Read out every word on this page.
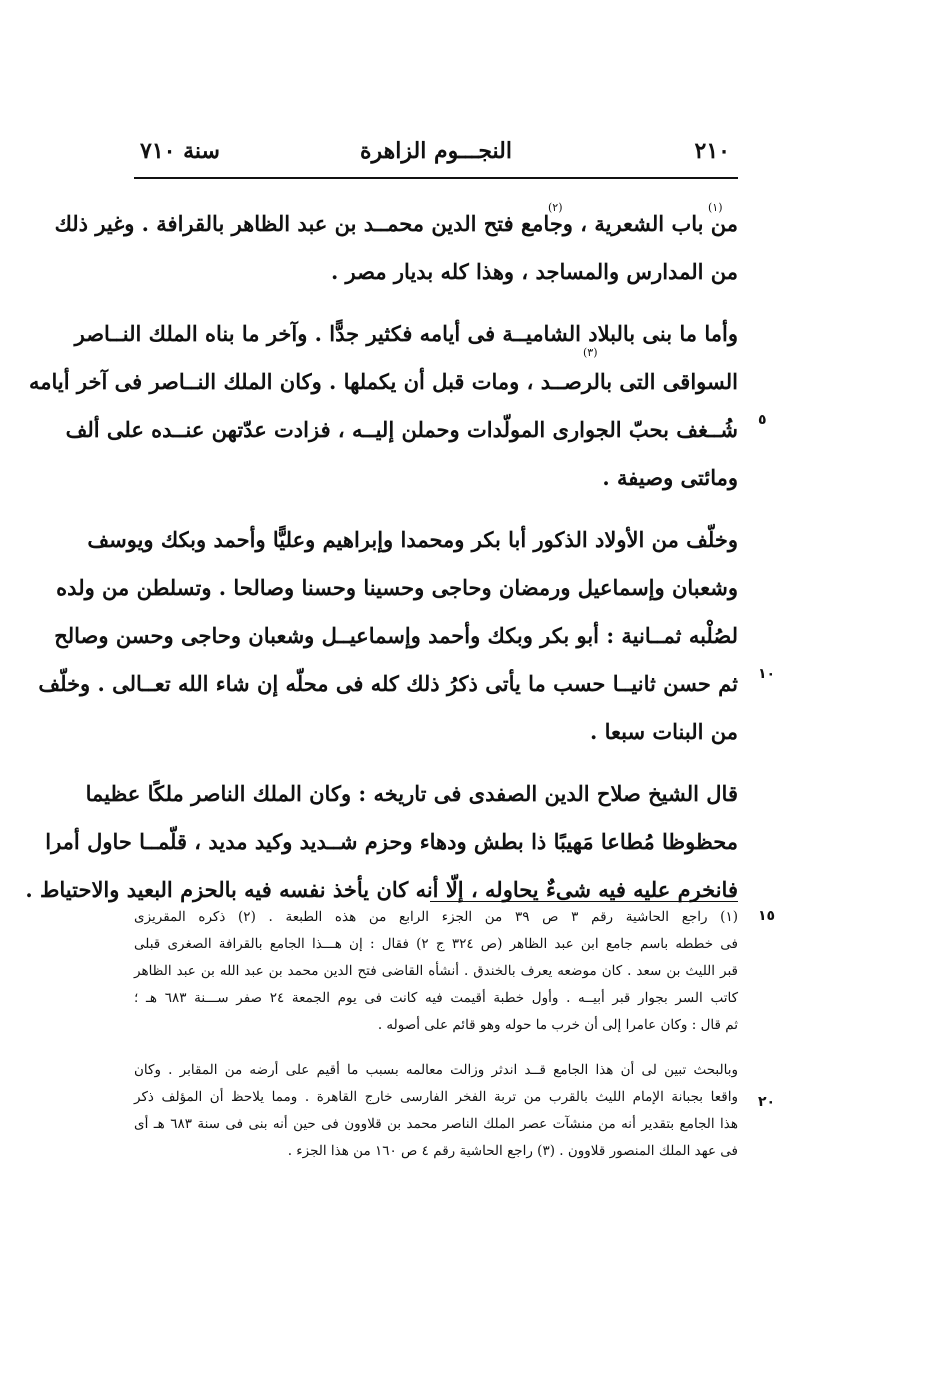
سنة ٧١٠	النجـــوم الزاهرة	٢١٠
من باب الشعرية ، وجامع فتح الدين محمــد بن عبد الظاهر بالقرافة . وغير ذلك
من المدارس والمساجد ، وهذا كله بديار مصر .
وأما ما بنى بالبلاد الشاميــة فى أيامه فكثير جدًّا . وآخر ما بناه الملك النــاصر
السواقى التى بالرصــد ، ومات قبل أن يكملها . وكان الملك النــاصر فى آخر أيامه
شُــغف بحبّ الجوارى المولّدات وحملن إليــه ، فزادت عدّتهن عنــده على ألف
ومائتى وصيفة .
وخلّف من الأولاد الذكور أبا بكر ومحمدا وإبراهيم وعليًّا وأحمد وبكك ويوسف
وشعبان وإسماعيل ورمضان وحاجى وحسينا وحسنا وصالحا . وتسلطن من ولده
لصُلْبه ثمــانية : أبو بكر وبكك وأحمد وإسماعيــل وشعبان وحاجى وحسن وصالح
ثم حسن ثانيــا حسب ما يأتى ذكرُ ذلك كله فى محلّه إن شاء الله تعــالى . وخلّف
من البنات سبعا .
قال الشيخ صلاح الدين الصفدى فى تاريخه : وكان الملك الناصر ملكًا عظيما
محظوظا مُطاعا مَهيبًا ذا بطش ودهاء وحزم شــديد وكيد مديد ، قلّمــا حاول أمرا
فانخرم عليه فيه شىءٌ يحاوله ، إلّا أنه كان يأخذ نفسه فيه بالحزم البعيد والاحتياط .
٥
١٠
١٥
٢٠
(١)
(٢)
(٣)
(١) راجع الحاشية رقم ٣ ص ٣٩ من الجزء الرابع من هذه الطبعة . (٢) ذكره المقريزى
فى خططه باسم جامع ابن عبد الظاهر (ص ٣٢٤ ج ٢) فقال : إن هـــذا الجامع بالقرافة الصغرى قبلى
قبر الليث بن سعد . كان موضعه يعرف بالخندق . أنشأه القاضى فتح الدين محمد بن عبد الله بن عبد الظاهر
كاتب السر بجوار قبر أبيــه . وأول خطبة أقيمت فيه كانت فى يوم الجمعة ٢٤ صفر ســـنة ٦٨٣ هـ ؛
ثم قال : وكان عامرا إلى أن خرب ما حوله وهو قائم على أصوله .
وبالبحث تبين لى أن هذا الجامع قــد اندثر وزالت معالمه بسبب ما أقيم على أرضه من المقابر . وكان
واقعا بجبانة الإمام الليث بالقرب من تربة الفخر الفارسى خارج القاهرة . ومما يلاحظ أن المؤلف ذكر
هذا الجامع بتقدير أنه من منشآت عصر الملك الناصر محمد بن قلاوون فى حين أنه بنى فى سنة ٦٨٣ هـ أى
فى عهد الملك المنصور قلاوون . (٣) راجع الحاشية رقم ٤ ص ١٦٠ من هذا الجزء .
